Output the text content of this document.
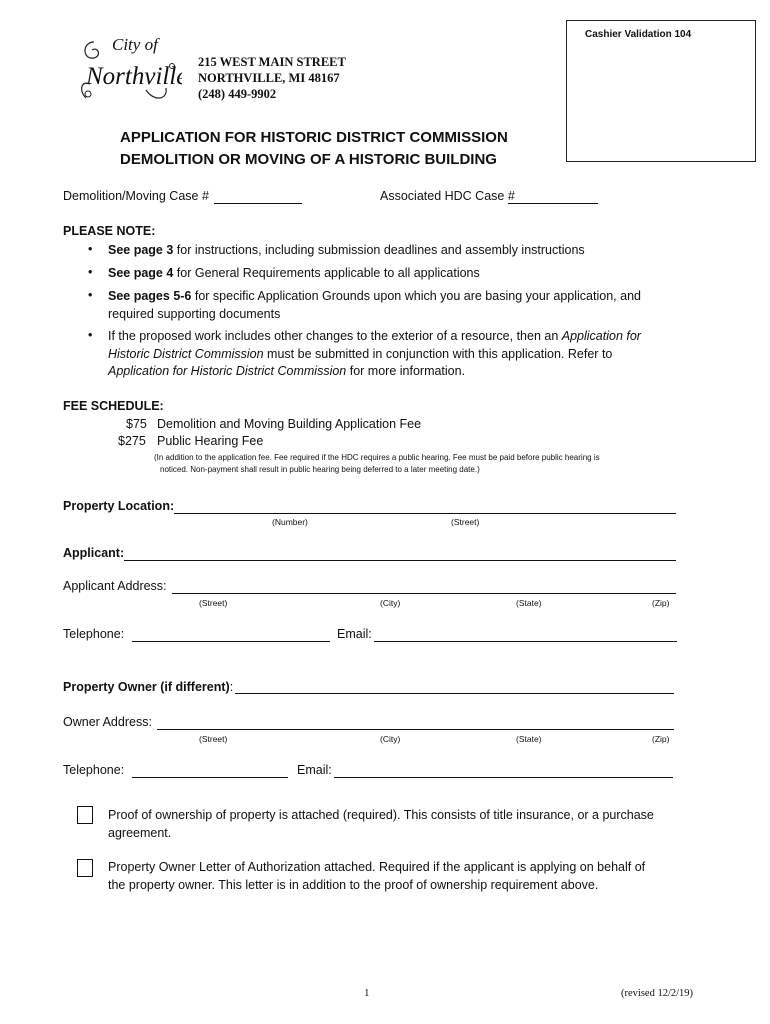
Cashier Validation 104
City of
Northville
215 WEST MAIN STREET
NORTHVILLE, MI 48167
(248) 449-9902
APPLICATION FOR HISTORIC DISTRICT COMMISSION
DEMOLITION OR MOVING OF A HISTORIC BUILDING
Demolition/Moving Case #	Associated HDC Case #
PLEASE NOTE:
• See page 3 for instructions, including submission deadlines and assembly instructions
• See page 4 for General Requirements applicable to all applications
• See pages 5-6 for specific Application Grounds upon which you are basing your application, and required supporting documents
• If the proposed work includes other changes to the exterior of a resource, then an Application for Historic District Commission must be submitted in conjunction with this application. Refer to Application for Historic District Commission for more information.
FEE SCHEDULE:
$75 Demolition and Moving Building Application Fee
$275 Public Hearing Fee
(In addition to the application fee. Fee required if the HDC requires a public hearing. Fee must be paid before public hearing is
noticed. Non-payment shall result in public hearing being deferred to a later meeting date.)
Property Location:
(Number)	(Street)
Applicant:
Applicant Address:
(Street)	(City)	(State)	(Zip)
Telephone:	Email:
Property Owner (if different):
Owner Address:
(Street)	(City)	(State)	(Zip)
Telephone:	Email:
Proof of ownership of property is attached (required). This consists of title insurance, or a purchase
agreement.
Property Owner Letter of Authorization attached. Required if the applicant is applying on behalf of
the property owner. This letter is in addition to the proof of ownership requirement above.
1	(revised 12/2/19)
